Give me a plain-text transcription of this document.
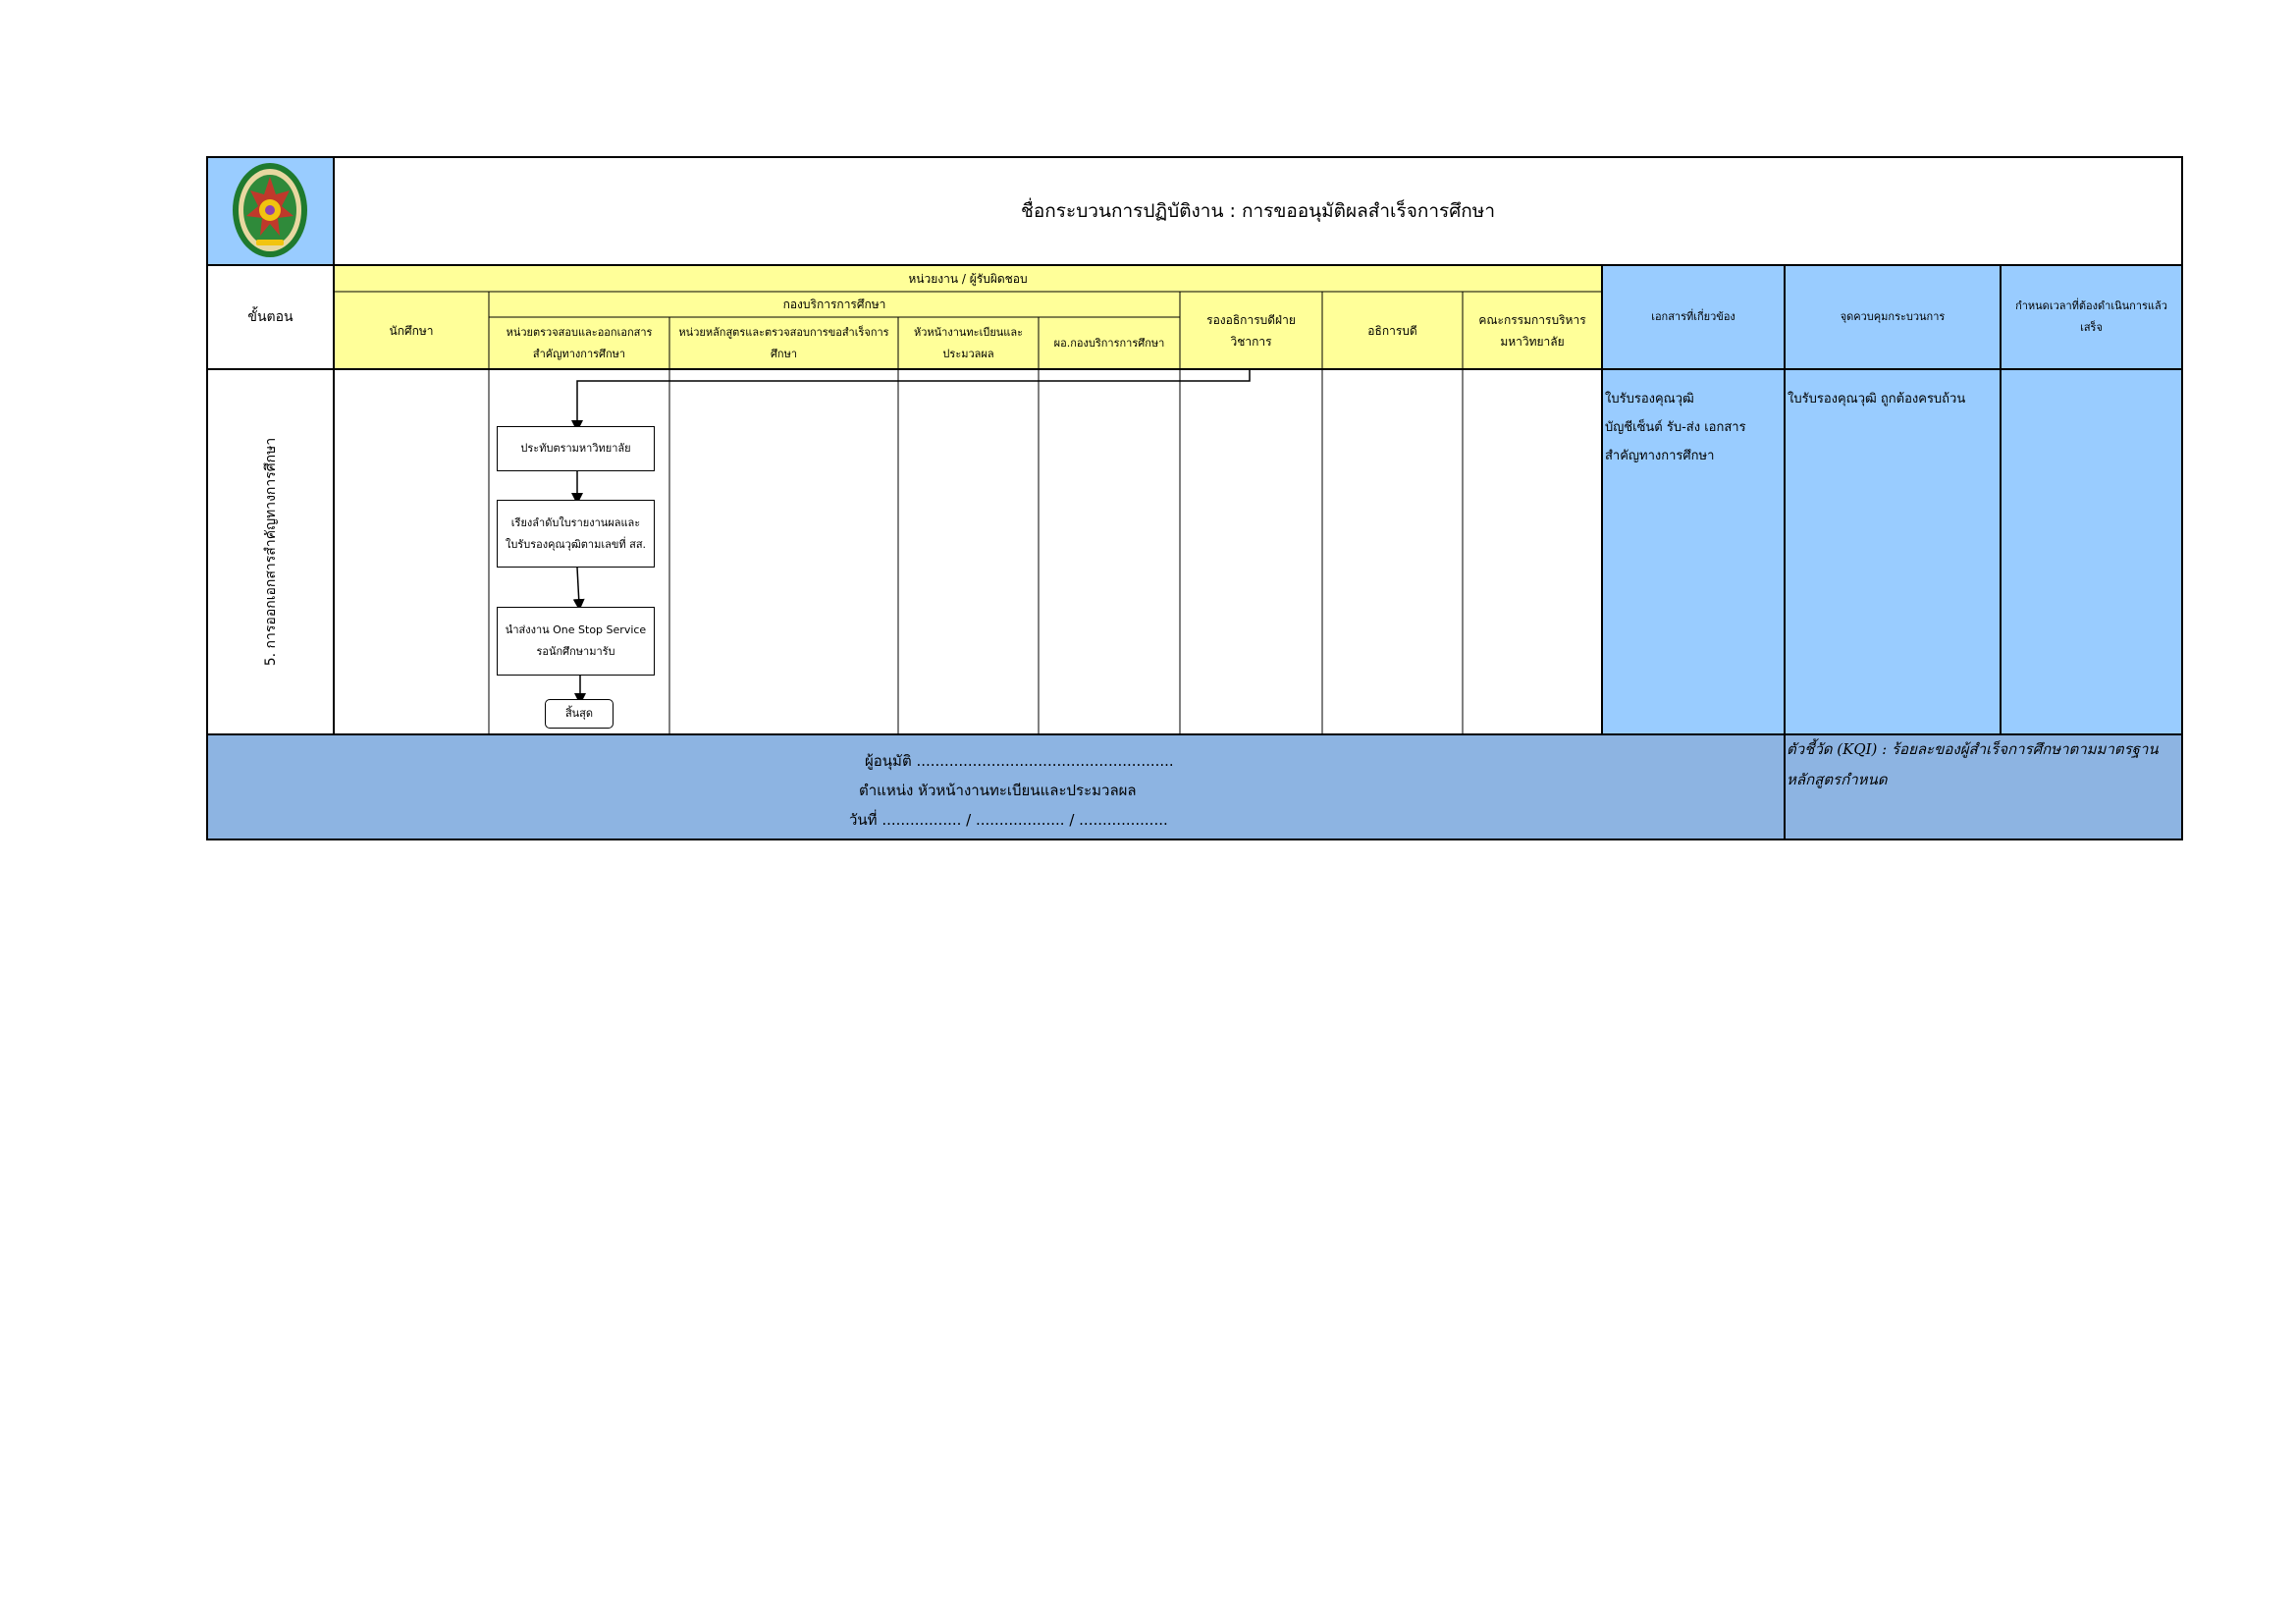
ชื่อกระบวนการปฏิบัติงาน : การขออนุมัติผลสำเร็จการศึกษา
ขั้นตอน
หน่วยงาน / ผู้รับผิดชอบ
นักศึกษา
กองบริการการศึกษา
หน่วยตรวจสอบและออกเอกสารสำคัญทางการศึกษา
หน่วยหลักสูตรและตรวจสอบการขอสำเร็จการศึกษา
หัวหน้างานทะเบียนและประมวลผล
ผอ.กองบริการการศึกษา
รองอธิการบดีฝ่ายวิชาการ
อธิการบดี
คณะกรรมการบริหารมหาวิทยาลัย
เอกสารที่เกี่ยวข้อง	จุดควบคุมกระบวนการ
กำหนดเวลาที่ต้องดำเนินการแล้วเสร็จ
5. การออกเอกสารสำคัญทางการศึกษา
ใบรับรองคุณวุฒิ
บัญชีเซ็นต์ รับ-ส่ง เอกสาร
สำคัญทางการศึกษา
ใบรับรองคุณวุฒิ ถูกต้องครบถ้วน
ผู้อนุมัติ .......................................................
ตำแหน่ง หัวหน้างานทะเบียนและประมวลผล
วันที่ ................. / ................... / ...................
ตัวชี้วัด (KQI) : ร้อยละของผู้สำเร็จการศึกษาตามมาตรฐาน
หลักสูตรกำหนด
ประทับตรามหาวิทยาลัย
เรียงลำดับใบรายงานผลและใบรับรองคุณวุฒิตามเลขที่ สส.
นำส่งงาน One Stop Service รอนักศึกษามารับ
สิ้นสุด
